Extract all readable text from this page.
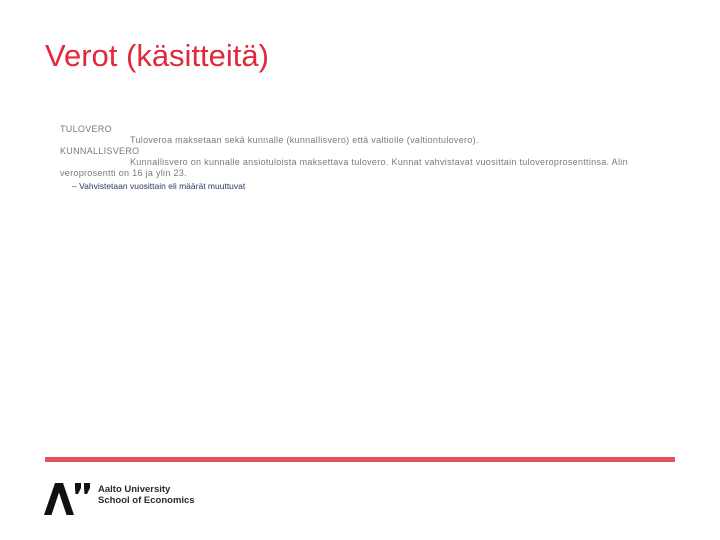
Verot (käsitteitä)
TULOVERO
Tuloveroa maksetaan sekä kunnalle (kunnallisvero) että valtiolle (valtiontulovero).
KUNNALLISVERO
Kunnallisvero on kunnalle ansiotuloista maksettava tulovero. Kunnat vahvistavat vuosittain tuloveroprosenttinsa. Alin veroprosentti on 16 ja ylin 23.
– Vahvistetaan vuosittain eli määrät muuttuvat
Aalto University
School of Economics
